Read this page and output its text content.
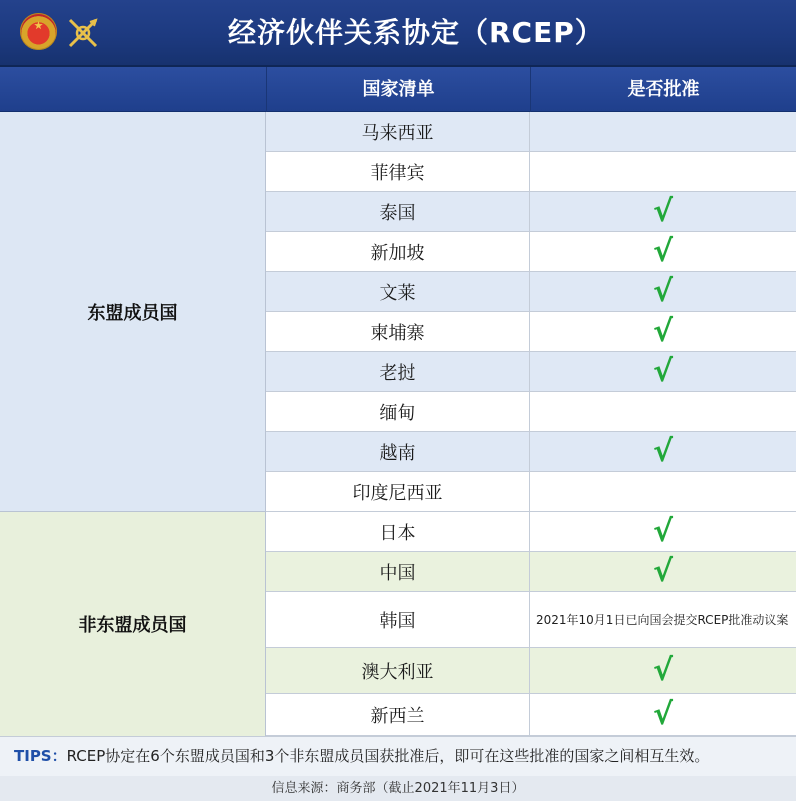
经济伙伴关系协定（RCEP）
国家清单	是否批准
马来西亚
菲律宾
泰国	√
新加坡	√
文莱	√
柬埔寨	√
老挝	√
缅甸
越南	√
印度尼西亚
东盟成员国
日本	√
中国	√
韩国	2021年10月1日已向国会提交RCEP批准动议案
澳大利亚	√
新西兰	√
非东盟成员国
TIPS：RCEP协定在6个东盟成员国和3个非东盟成员国获批准后，即可在这些批准的国家之间相互生效。
信息来源：商务部（截止2021年11月3日）
